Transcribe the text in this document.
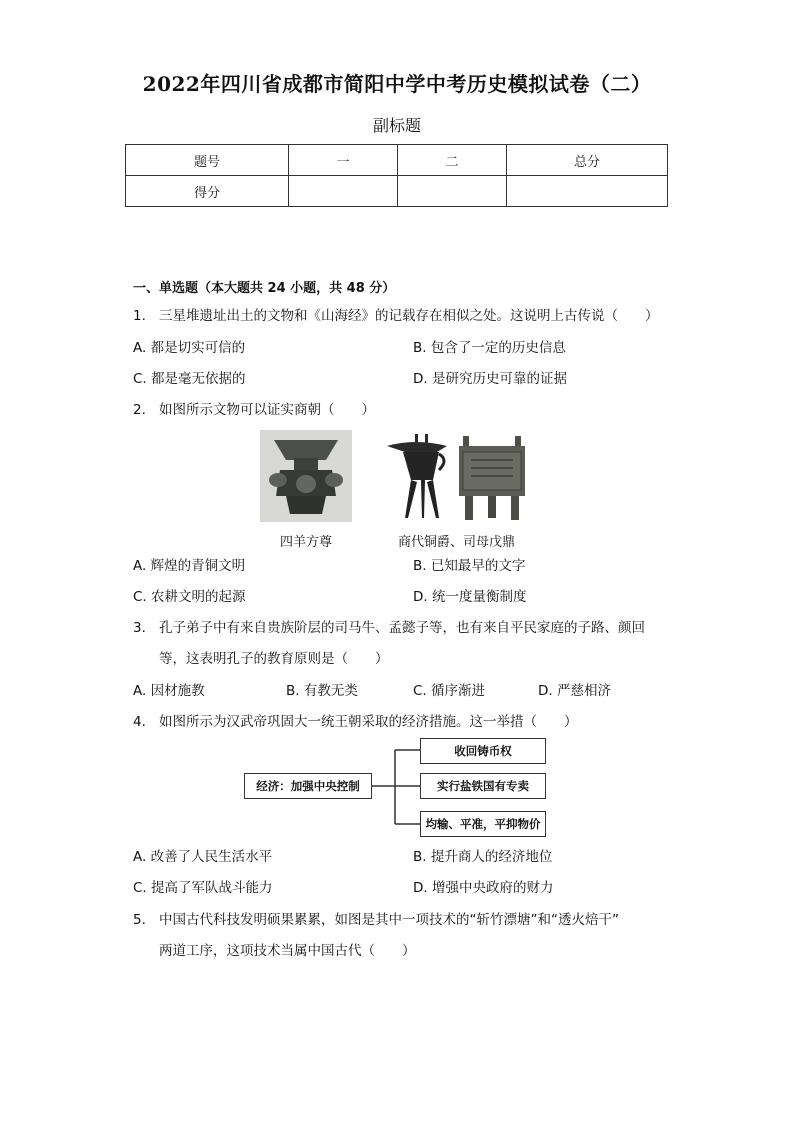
2022年四川省成都市简阳中学中考历史模拟试卷（二）
副标题
题号	一	二	总分
得分			
一、单选题（本大题共 24 小题，共 48 分）
1. 三星堆遗址出土的文物和《山海经》的记载存在相似之处。这说明上古传说（　　）
A. 都是切实可信的	B. 包含了一定的历史信息
C. 都是毫无依据的	D. 是研究历史可靠的证据
2. 如图所示文物可以证实商朝（　　）
四羊方尊	商代铜爵、司母戊鼎
A. 辉煌的青铜文明	B. 已知最早的文字
C. 农耕文明的起源	D. 统一度量衡制度
3. 孔子弟子中有来自贵族阶层的司马牛、孟懿子等，也有来自平民家庭的子路、颜回
等，这表明孔子的教育原则是（　　）
A. 因材施教	B. 有教无类	C. 循序渐进	D. 严慈相济
4. 如图所示为汉武帝巩固大一统王朝采取的经济措施。这一举措（　　）
经济：加强中央控制
收回铸币权
实行盐铁国有专卖
均输、平准，平抑物价
A. 改善了人民生活水平	B. 提升商人的经济地位
C. 提高了军队战斗能力	D. 增强中央政府的财力
5. 中国古代科技发明硕果累累，如图是其中一项技术的“斩竹漂塘”和“透火焙干”
两道工序，这项技术当属中国古代（　　）
